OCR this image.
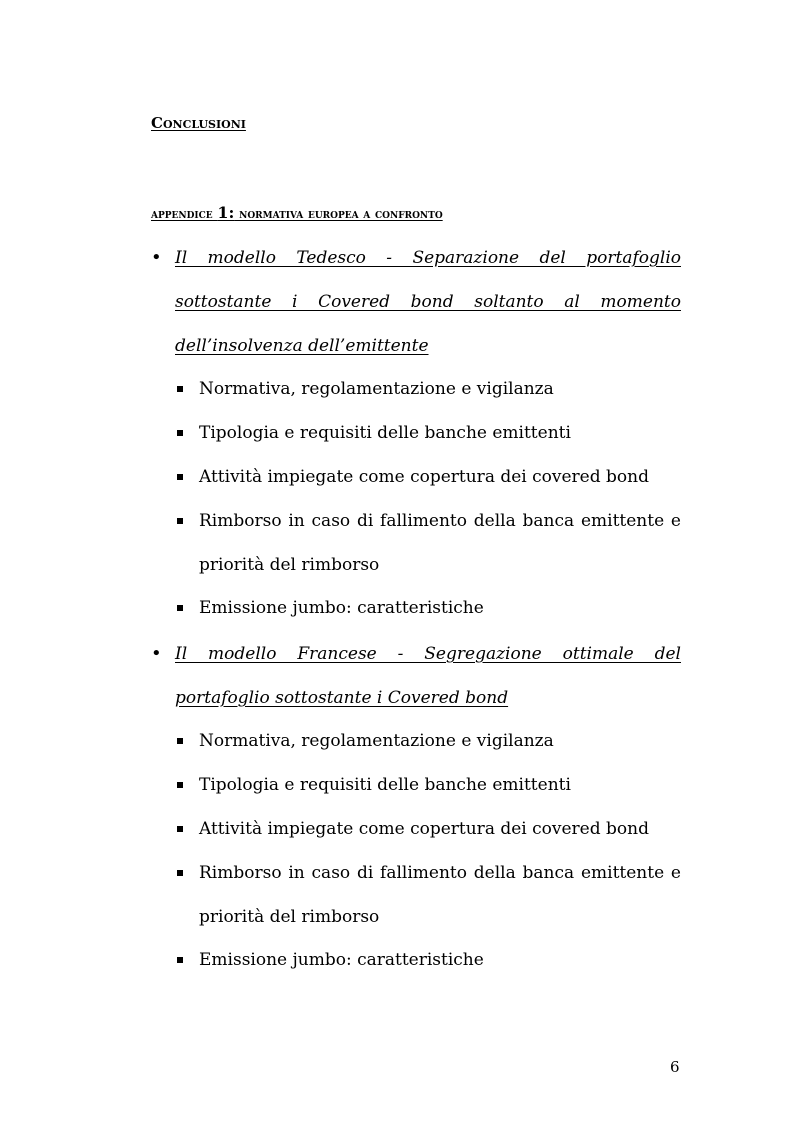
Conclusioni
appendice 1: normativa europea a confronto
• Il modello Tedesco - Separazione del portafoglio sottostante i Covered bond soltanto al momento dell’insolvenza dell’emittente
Normativa, regolamentazione e vigilanza
Tipologia e requisiti delle banche emittenti
Attività impiegate come copertura dei covered bond
Rimborso in caso di fallimento della banca emittente e priorità del rimborso
Emissione jumbo: caratteristiche
• Il modello Francese - Segregazione ottimale del portafoglio sottostante i Covered bond
Normativa, regolamentazione e vigilanza
Tipologia e requisiti delle banche emittenti
Attività impiegate come copertura dei covered bond
Rimborso in caso di fallimento della banca emittente e priorità del rimborso
Emissione jumbo: caratteristiche
6
